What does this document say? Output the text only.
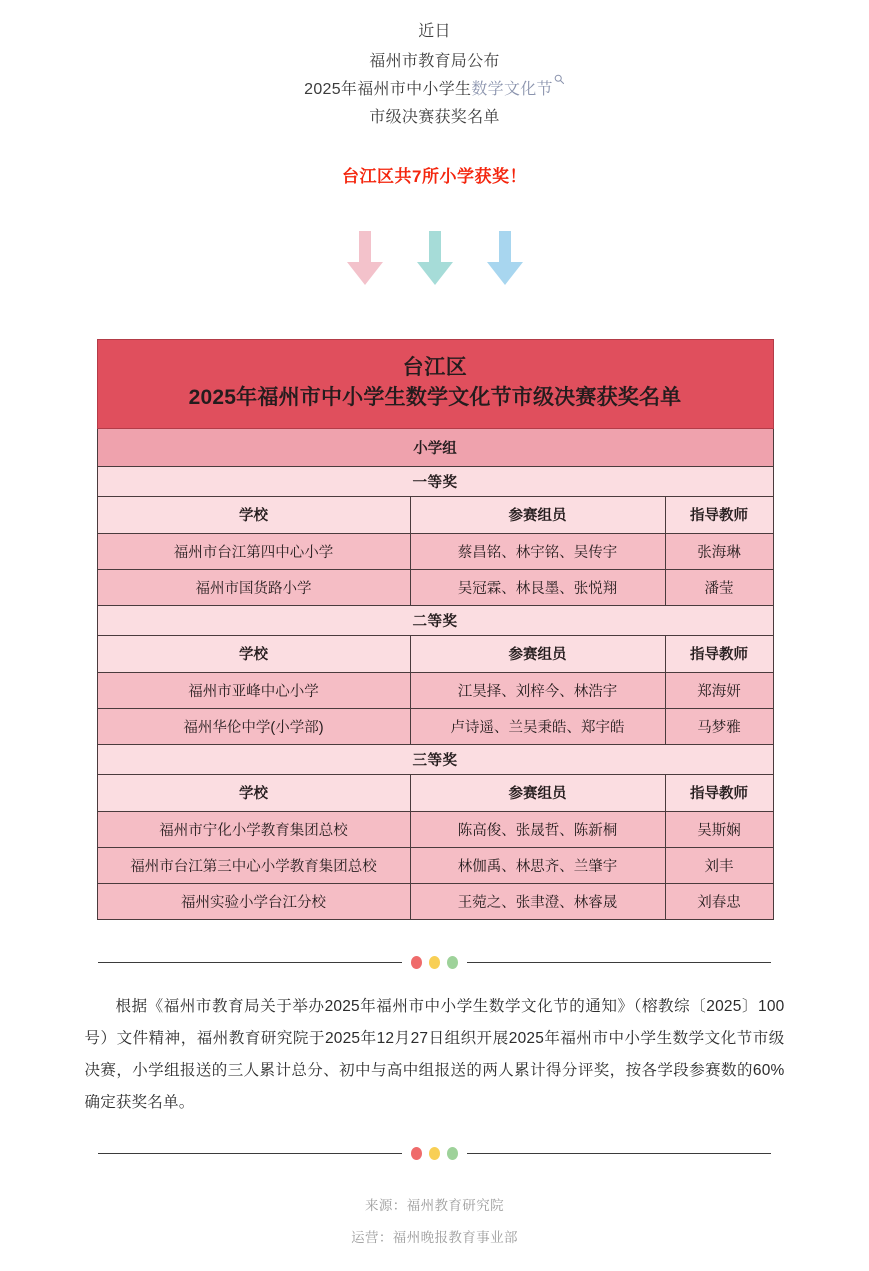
近日
福州市教育局公布
2025年福州市中小学生数学文化节
市级决赛获奖名单
台江区共7所小学获奖！
台江区
2025年福州市中小学生数学文化节市级决赛获奖名单		

小学组		
一等奖		
学校	参赛组员	指导教师
福州市台江第四中心小学	蔡昌铭、林宇铭、吴传宇	张海琳
福州市国货路小学	吴冠霖、林艮墨、张悦翔	潘莹
二等奖		
学校	参赛组员	指导教师
福州市亚峰中心小学	江昊择、刘梓今、林浩宇	郑海妍
福州华伦中学(小学部)	卢诗遥、兰吴秉皓、郑宇皓	马梦雅
三等奖		
学校	参赛组员	指导教师
福州市宁化小学教育集团总校	陈高俊、张晟哲、陈新桐	吴斯娴
福州市台江第三中心小学教育集团总校	林伽禹、林思齐、兰肇宇	刘丰
福州实验小学台江分校	王菀之、张聿澄、林睿晟	刘春忠
根据《福州市教育局关于举办2025年福州市中小学生数学文化节的通知》（榕教综〔2025〕100号）文件精神，福州教育研究院于2025年12月27日组织开展2025年福州市中小学生数学文化节市级决赛，小学组报送的三人累计总分、初中与高中组报送的两人累计得分评奖，按各学段参赛数的60%确定获奖名单。
来源：福州教育研究院
运营：福州晚报教育事业部
